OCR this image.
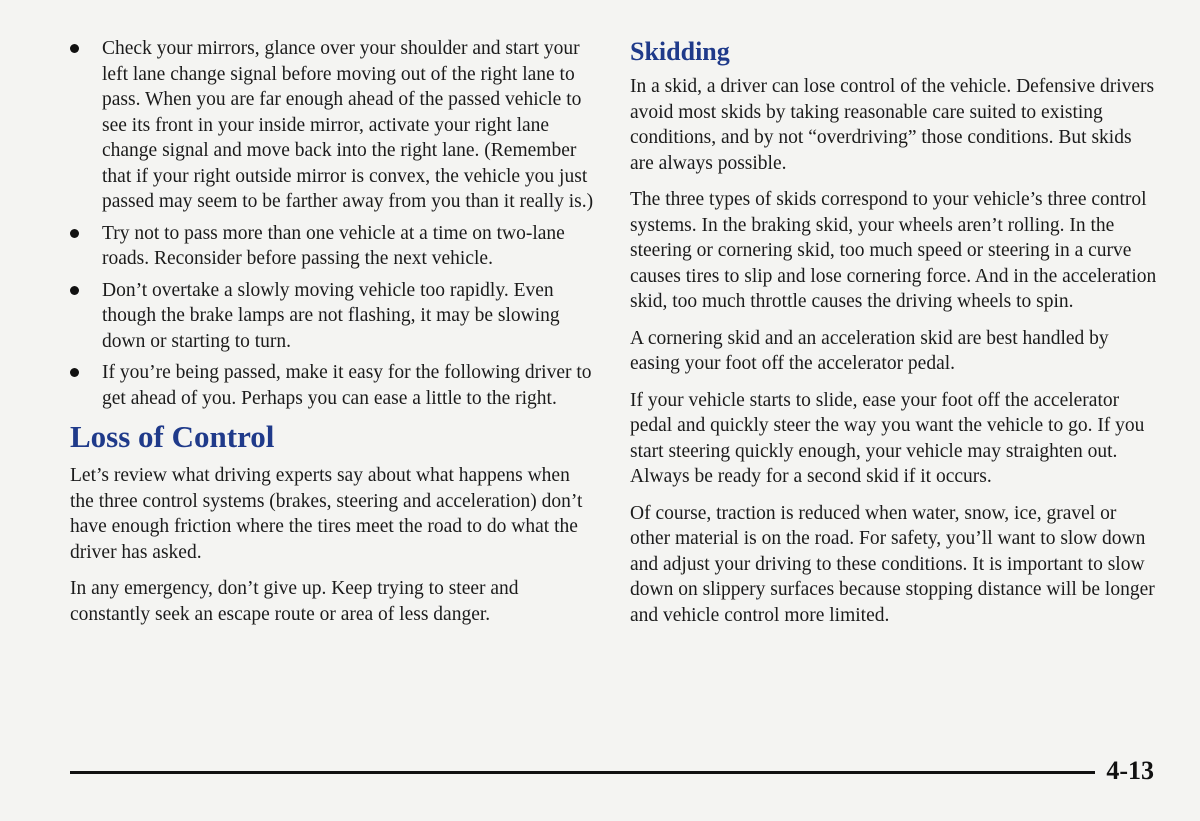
Check your mirrors, glance over your shoulder and start your left lane change signal before moving out of the right lane to pass. When you are far enough ahead of the passed vehicle to see its front in your inside mirror, activate your right lane change signal and move back into the right lane. (Remember that if your right outside mirror is convex, the vehicle you just passed may seem to be farther away from you than it really is.)
Try not to pass more than one vehicle at a time on two-lane roads. Reconsider before passing the next vehicle.
Don’t overtake a slowly moving vehicle too rapidly. Even though the brake lamps are not flashing, it may be slowing down or starting to turn.
If you’re being passed, make it easy for the following driver to get ahead of you. Perhaps you can ease a little to the right.
Loss of Control

Let’s review what driving experts say about what happens when the three control systems (brakes, steering and acceleration) don’t have enough friction where the tires meet the road to do what the driver has asked.

In any emergency, don’t give up. Keep trying to steer and constantly seek an escape route or area of less danger.

Skidding

In a skid, a driver can lose control of the vehicle. Defensive drivers avoid most skids by taking reasonable care suited to existing conditions, and by not “overdriving” those conditions. But skids are always possible.

The three types of skids correspond to your vehicle’s three control systems. In the braking skid, your wheels aren’t rolling. In the steering or cornering skid, too much speed or steering in a curve causes tires to slip and lose cornering force. And in the acceleration skid, too much throttle causes the driving wheels to spin.

A cornering skid and an acceleration skid are best handled by easing your foot off the accelerator pedal.

If your vehicle starts to slide, ease your foot off the accelerator pedal and quickly steer the way you want the vehicle to go. If you start steering quickly enough, your vehicle may straighten out. Always be ready for a second skid if it occurs.

Of course, traction is reduced when water, snow, ice, gravel or other material is on the road. For safety, you’ll want to slow down and adjust your driving to these conditions. It is important to slow down on slippery surfaces because stopping distance will be longer and vehicle control more limited.

4-13
